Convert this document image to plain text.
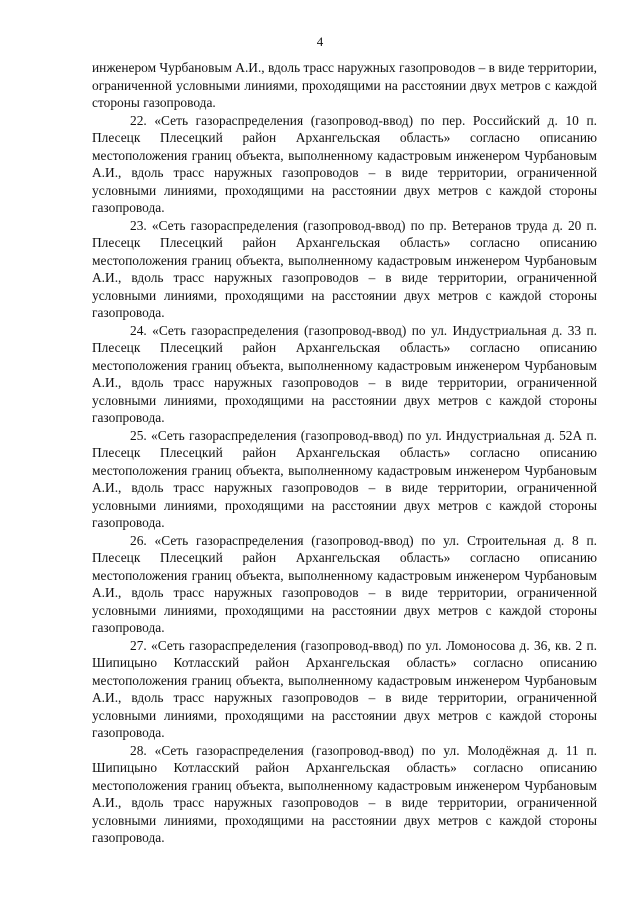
4

инженером Чурбановым А.И., вдоль трасс наружных газопроводов – в виде территории, ограниченной условными линиями, проходящими на расстоянии двух метров с каждой стороны газопровода.

22. «Сеть газораспределения (газопровод-ввод) по пер. Российский д. 10 п. Плесецк Плесецкий район Архангельская область» согласно описанию местоположения границ объекта, выполненному кадастровым инженером Чурбановым А.И., вдоль трасс наружных газопроводов – в виде территории, ограниченной условными линиями, проходящими на расстоянии двух метров с каждой стороны газопровода.

23. «Сеть газораспределения (газопровод-ввод) по пр. Ветеранов труда д. 20 п. Плесецк Плесецкий район Архангельская область» согласно описанию местоположения границ объекта, выполненному кадастровым инженером Чурбановым А.И., вдоль трасс наружных газопроводов – в виде территории, ограниченной условными линиями, проходящими на расстоянии двух метров с каждой стороны газопровода.

24. «Сеть газораспределения (газопровод-ввод) по ул. Индустриальная д. 33 п. Плесецк Плесецкий район Архангельская область» согласно описанию местоположения границ объекта, выполненному кадастровым инженером Чурбановым А.И., вдоль трасс наружных газопроводов – в виде территории, ограниченной условными линиями, проходящими на расстоянии двух метров с каждой стороны газопровода.

25. «Сеть газораспределения (газопровод-ввод) по ул. Индустриальная д. 52А п. Плесецк Плесецкий район Архангельская область» согласно описанию местоположения границ объекта, выполненному кадастровым инженером Чурбановым А.И., вдоль трасс наружных газопроводов – в виде территории, ограниченной условными линиями, проходящими на расстоянии двух метров с каждой стороны газопровода.

26. «Сеть газораспределения (газопровод-ввод) по ул. Строительная д. 8 п. Плесецк Плесецкий район Архангельская область» согласно описанию местоположения границ объекта, выполненному кадастровым инженером Чурбановым А.И., вдоль трасс наружных газопроводов – в виде территории, ограниченной условными линиями, проходящими на расстоянии двух метров с каждой стороны газопровода.

27. «Сеть газораспределения (газопровод-ввод) по ул. Ломоносова д. 36, кв. 2 п. Шипицыно Котласский район Архангельская область» согласно описанию местоположения границ объекта, выполненному кадастровым инженером Чурбановым А.И., вдоль трасс наружных газопроводов – в виде территории, ограниченной условными линиями, проходящими на расстоянии двух метров с каждой стороны газопровода.

28. «Сеть газораспределения (газопровод-ввод) по ул. Молодёжная д. 11 п. Шипицыно Котласский район Архангельская область» согласно описанию местоположения границ объекта, выполненному кадастровым инженером Чурбановым А.И., вдоль трасс наружных газопроводов – в виде территории, ограниченной условными линиями, проходящими на расстоянии двух метров с каждой стороны газопровода.
